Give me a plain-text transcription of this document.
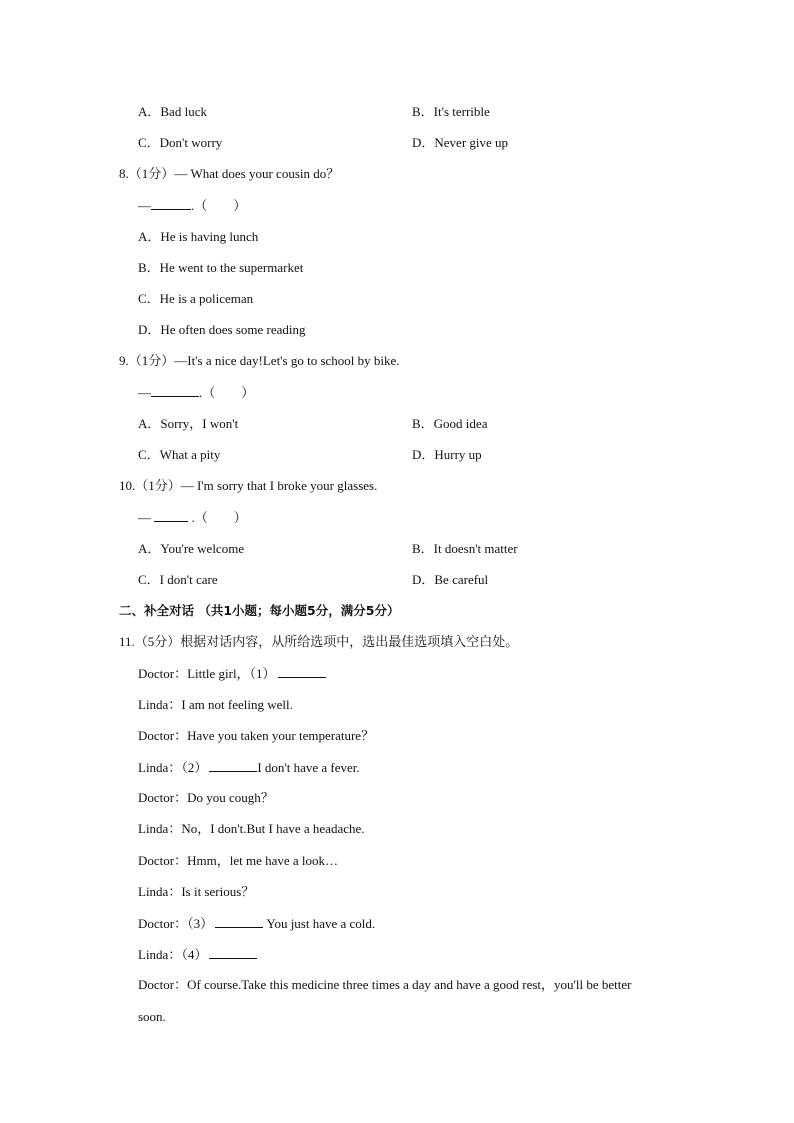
A．Bad luck	B．It's terrible
C．Don't worry	D．Never give up
8.（1分）— What does your cousin do？
—	.（　　）
A．He is having lunch
B．He went to the supermarket
C．He is a policeman
D．He often does some reading
9.（1分）—It's a nice day!Let's go to school by bike.
—	.（　　）
A．Sorry，I won't	B．Good idea
C．What a pity	D．Hurry up
10.（1分）— I'm sorry that I broke your glasses.
—	.（　　）
A．You're welcome	B．It doesn't matter
C．I don't care	D．Be careful
二、补全对话 （共1小题；每小题5分，满分5分）
11.（5分）根据对话内容，从所给选项中，选出最佳选项填入空白处。
Doctor：Little girl，（1）
Linda：I am not feeling well.
Doctor：Have you taken your temperature？
Linda：（2）	I don't have a fever.
Doctor：Do you cough？
Linda：No，I don't.But I have a headache.
Doctor：Hmm，let me have a look…
Linda：Is it serious？
Doctor：（3）	You just have a cold.
Linda：（4）
Doctor：Of course.Take this medicine three times a day and have a good rest，you'll be better
soon.
